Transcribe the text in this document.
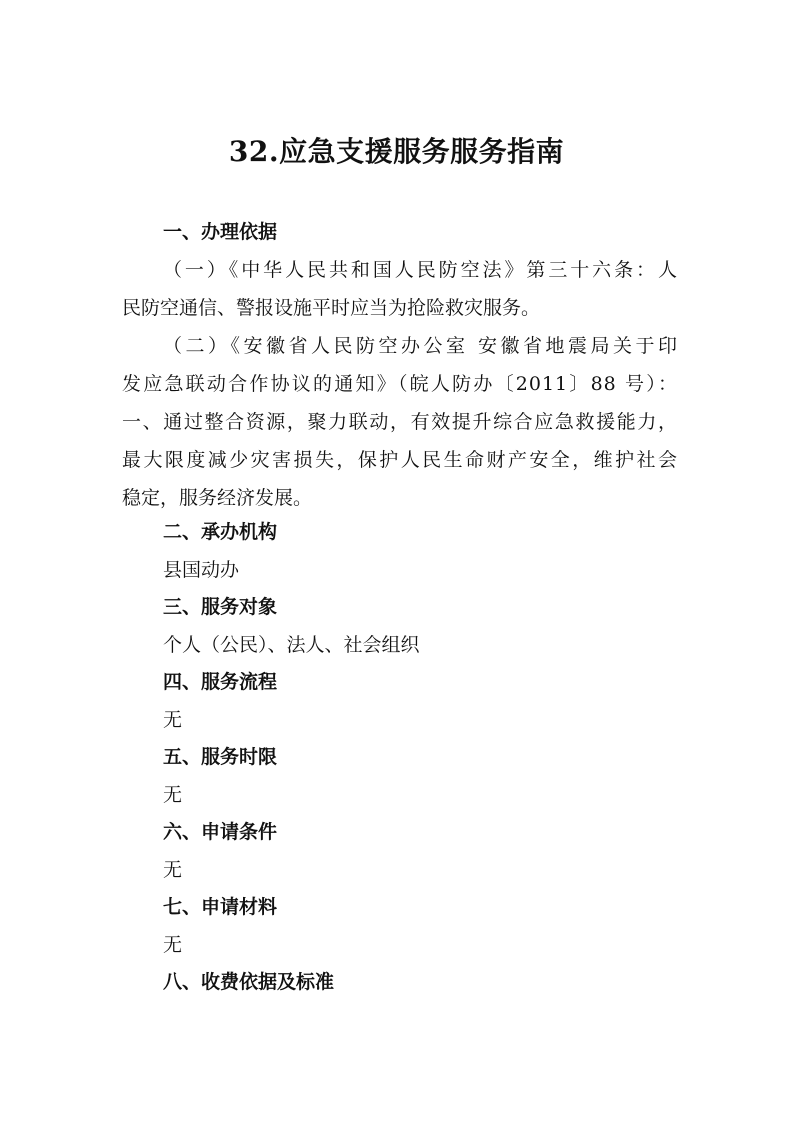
32.应急支援服务服务指南
一、办理依据
（一）《中华人民共和国人民防空法》第三十六条：人
民防空通信、警报设施平时应当为抢险救灾服务。
（二）《安徽省人民防空办公室 安徽省地震局关于印
发应急联动合作协议的通知》（皖人防办〔2011〕88 号）：
一、通过整合资源，聚力联动，有效提升综合应急救援能力，
最大限度减少灾害损失，保护人民生命财产安全，维护社会
稳定，服务经济发展。
二、承办机构
县国动办
三、服务对象
个人（公民）、法人、社会组织
四、服务流程
无
五、服务时限
无
六、申请条件
无
七、申请材料
无
八、收费依据及标准
